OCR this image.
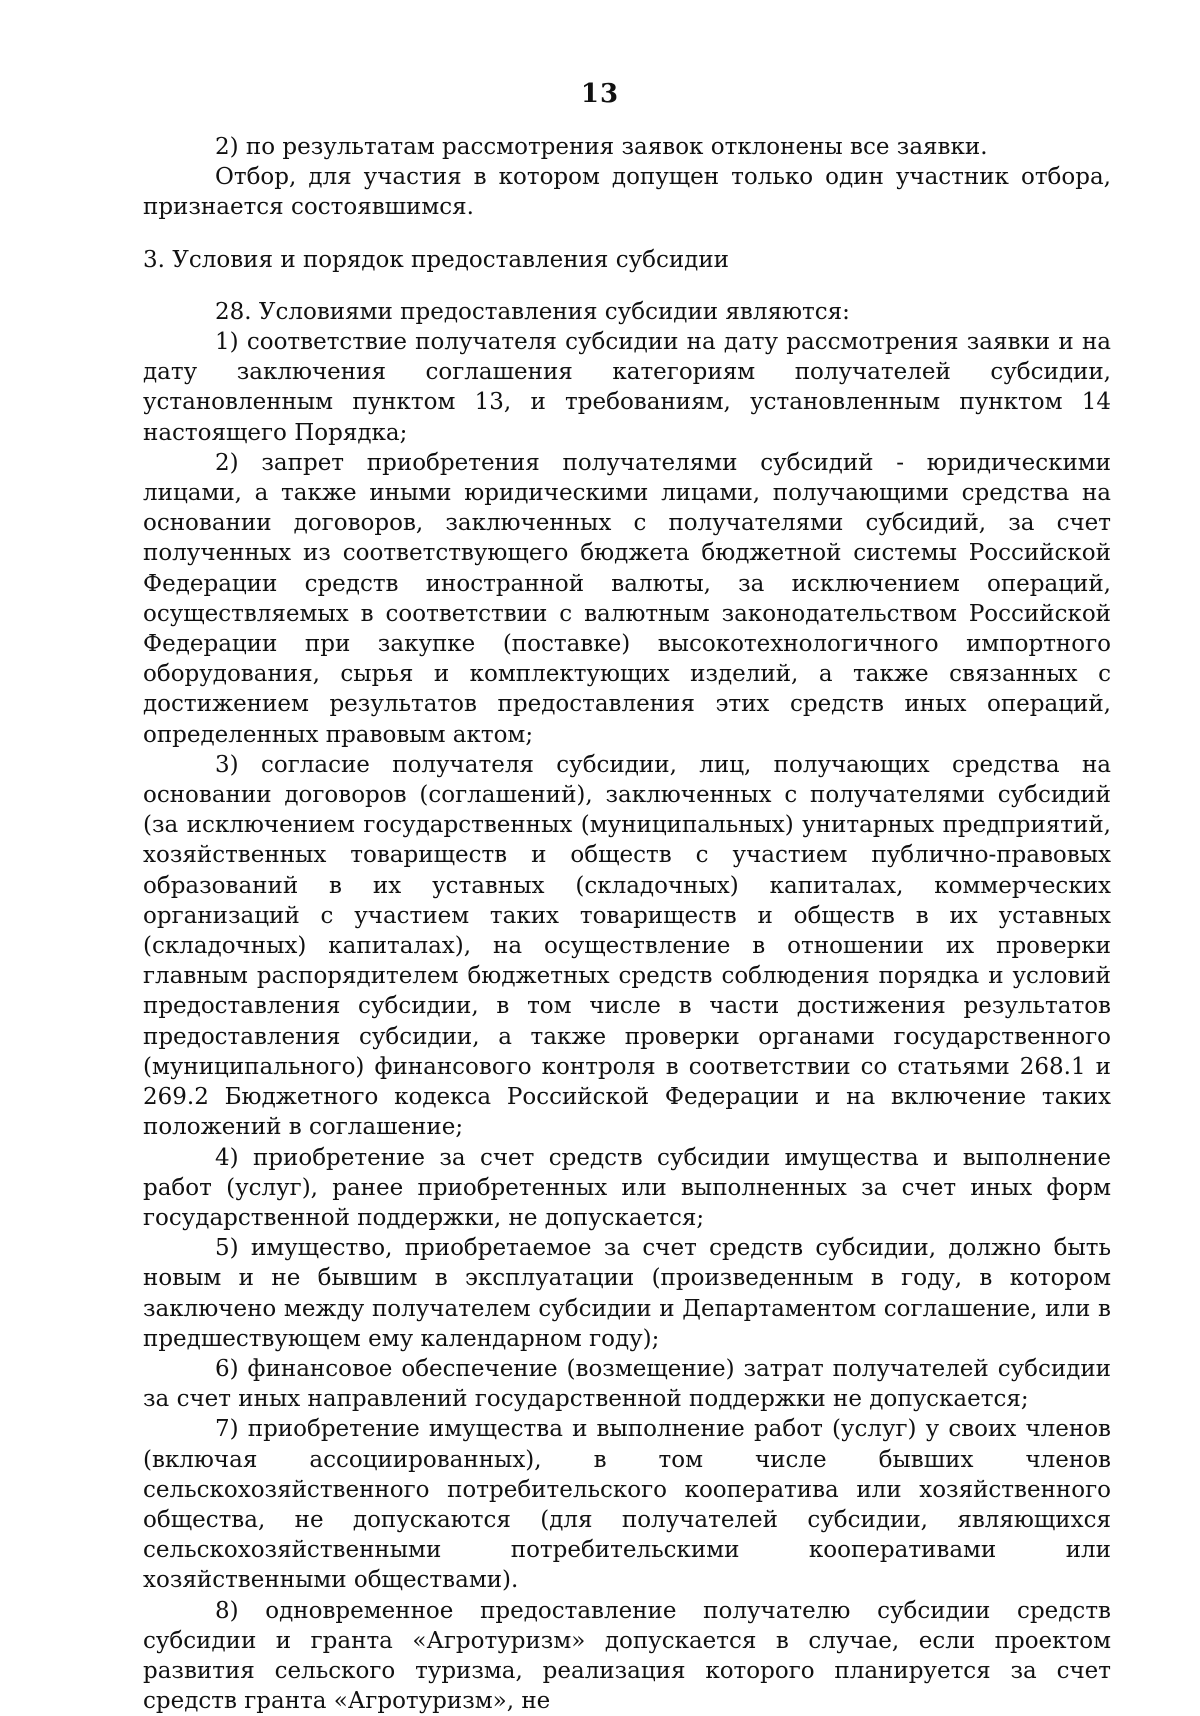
13

2) по результатам рассмотрения заявок отклонены все заявки.

Отбор, для участия в котором допущен только один участник отбора, признается состоявшимся.

3. Условия и порядок предоставления субсидии

28. Условиями предоставления субсидии являются:

1) соответствие получателя субсидии на дату рассмотрения заявки и на дату заключения соглашения категориям получателей субсидии, установленным пунктом 13, и требованиям, установленным пунктом 14 настоящего Порядка;

2) запрет приобретения получателями субсидий - юридическими лицами, а также иными юридическими лицами, получающими средства на основании договоров, заключенных с получателями субсидий, за счет полученных из соответствующего бюджета бюджетной системы Российской Федерации средств иностранной валюты, за исключением операций, осуществляемых в соответствии с валютным законодательством Российской Федерации при закупке (поставке) высокотехнологичного импортного оборудования, сырья и комплектующих изделий, а также связанных с достижением результатов предоставления этих средств иных операций, определенных правовым актом;

3) согласие получателя субсидии, лиц, получающих средства на основании договоров (соглашений), заключенных с получателями субсидий (за исключением государственных (муниципальных) унитарных предприятий, хозяйственных товариществ и обществ с участием публично-правовых образований в их уставных (складочных) капиталах, коммерческих организаций с участием таких товариществ и обществ в их уставных (складочных) капиталах), на осуществление в отношении их проверки главным распорядителем бюджетных средств соблюдения порядка и условий предоставления субсидии, в том числе в части достижения результатов предоставления субсидии, а также проверки органами государственного (муниципального) финансового контроля в соответствии со статьями 268.1 и 269.2 Бюджетного кодекса Российской Федерации и на включение таких положений в соглашение;

4) приобретение за счет средств субсидии имущества и выполнение работ (услуг), ранее приобретенных или выполненных за счет иных форм государственной поддержки, не допускается;

5) имущество, приобретаемое за счет средств субсидии, должно быть новым и не бывшим в эксплуатации (произведенным в году, в котором заключено между получателем субсидии и Департаментом соглашение, или в предшествующем ему календарном году);

6) финансовое обеспечение (возмещение) затрат получателей субсидии за счет иных направлений государственной поддержки не допускается;

7) приобретение имущества и выполнение работ (услуг) у своих членов (включая ассоциированных), в том числе бывших членов сельскохозяйственного потребительского кооператива или хозяйственного общества, не допускаются (для получателей субсидии, являющихся сельскохозяйственными потребительскими кооперативами или хозяйственными обществами).

8) одновременное предоставление получателю субсидии средств субсидии и гранта «Агротуризм» допускается в случае, если проектом развития сельского туризма, реализация которого планируется за счет средств гранта «Агротуризм», не
